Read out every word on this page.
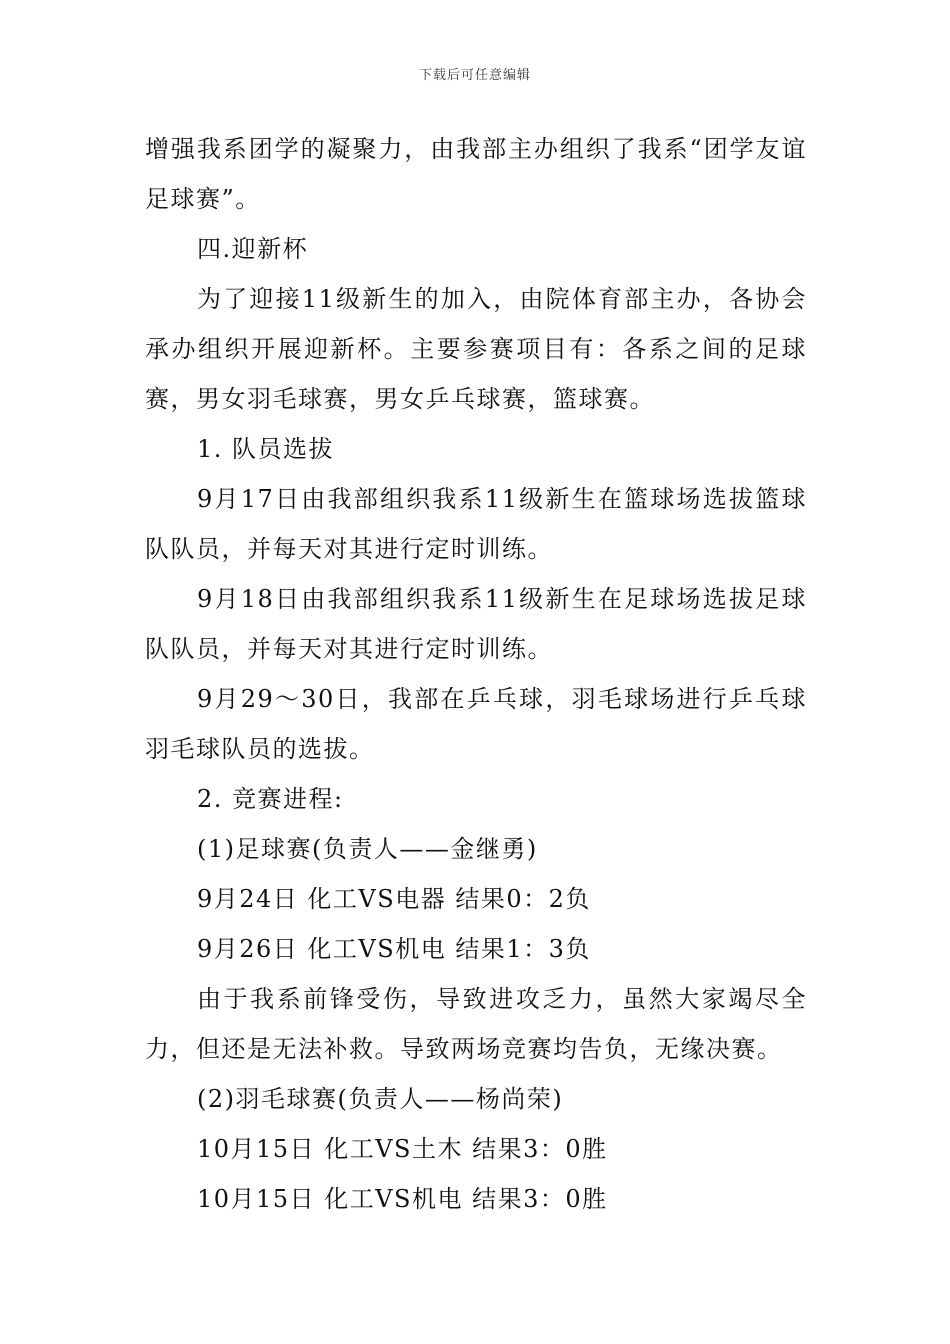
下载后可任意编辑

增强我系团学的凝聚力，由我部主办组织了我系“团学友谊足球赛”。

四.迎新杯

为了迎接11级新生的加入，由院体育部主办，各协会承办组织开展迎新杯。主要参赛项目有：各系之间的足球赛，男女羽毛球赛，男女乒乓球赛，篮球赛。

1. 队员选拔

9月17日由我部组织我系11级新生在篮球场选拔篮球队队员，并每天对其进行定时训练。

9月18日由我部组织我系11级新生在足球场选拔足球队队员，并每天对其进行定时训练。

9月29～30日，我部在乒乓球，羽毛球场进行乒乓球羽毛球队员的选拔。

2. 竞赛进程:

(1)足球赛(负责人——金继勇)

9月24日 化工VS电器 结果0：2负

9月26日 化工VS机电 结果1：3负

由于我系前锋受伤，导致进攻乏力，虽然大家竭尽全力，但还是无法补救。导致两场竞赛均告负，无缘决赛。

(2)羽毛球赛(负责人——杨尚荣)

10月15日 化工VS土木 结果3：0胜

10月15日 化工VS机电 结果3：0胜
